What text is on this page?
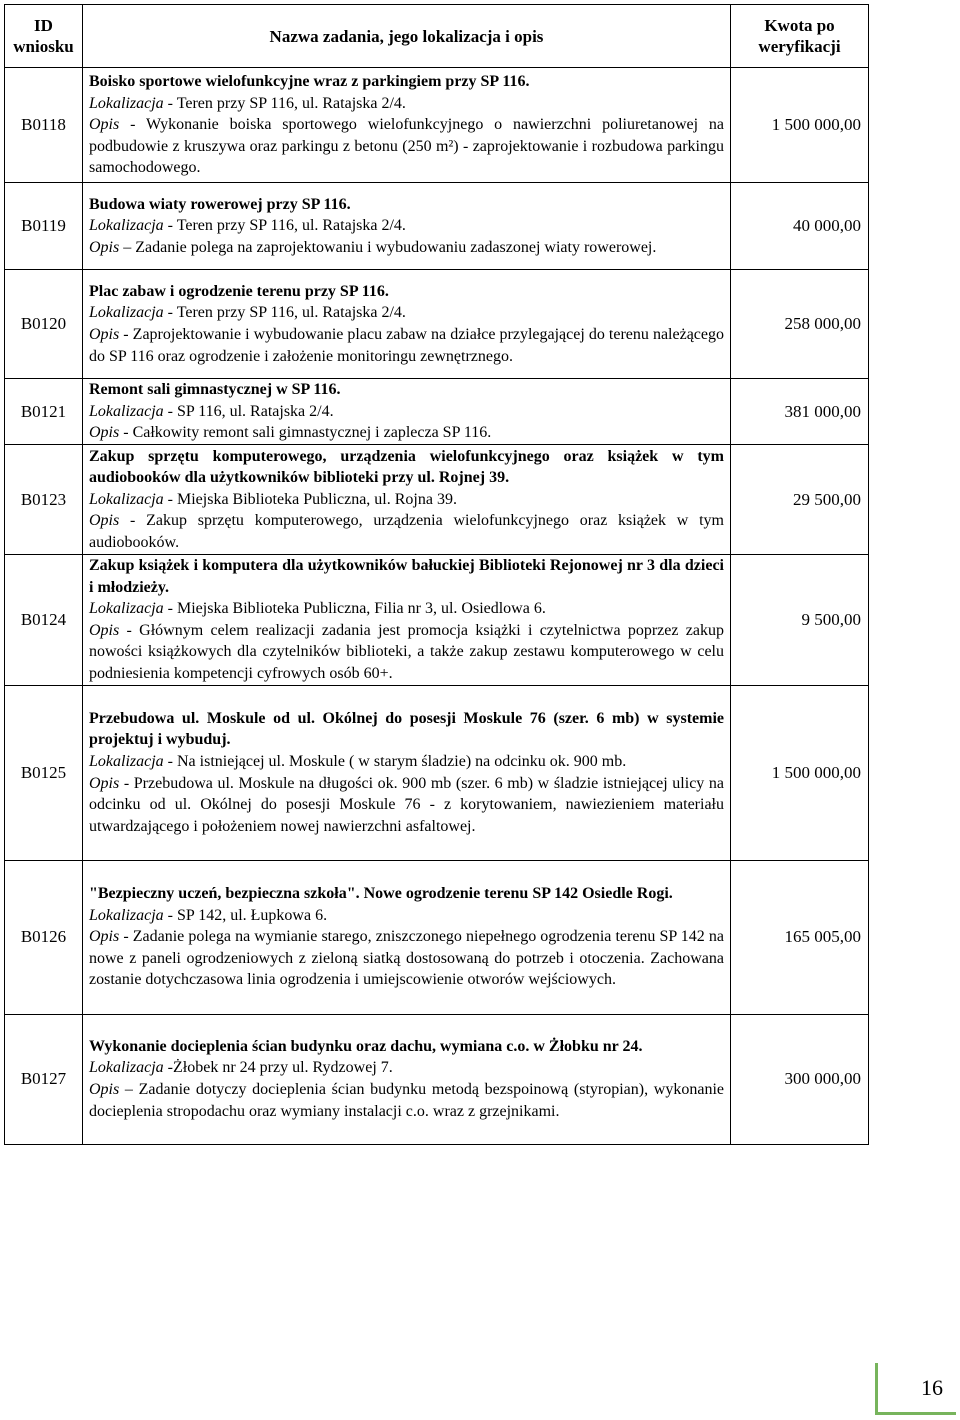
ID wniosku	Nazwa zadania, jego lokalizacja i opis	Kwota po weryfikacji
B0118	Boisko sportowe wielofunkcyjne wraz z parkingiem przy SP 116.
Lokalizacja - Teren przy SP 116, ul. Ratajska 2/4.
Opis - Wykonanie boiska sportowego wielofunkcyjnego o nawierzchni poliuretanowej na podbudowie z kruszywa oraz parkingu z betonu (250 m²) - zaprojektowanie i rozbudowa parkingu samochodowego.	1 500 000,00
B0119	Budowa wiaty rowerowej przy SP 116.
Lokalizacja - Teren przy SP 116, ul. Ratajska 2/4.
Opis – Zadanie polega na zaprojektowaniu i wybudowaniu zadaszonej wiaty rowerowej.	40 000,00
B0120	Plac zabaw i ogrodzenie terenu przy SP 116.
Lokalizacja - Teren przy SP 116, ul. Ratajska 2/4.
Opis - Zaprojektowanie i wybudowanie placu zabaw na działce przylegającej do terenu należącego do SP 116 oraz ogrodzenie i założenie monitoringu zewnętrznego.	258 000,00
B0121	Remont sali gimnastycznej w SP 116.
Lokalizacja - SP 116, ul. Ratajska 2/4.
Opis - Całkowity remont sali gimnastycznej i zaplecza SP 116.	381 000,00
B0123	Zakup sprzętu komputerowego, urządzenia wielofunkcyjnego oraz książek w tym audiobooków dla użytkowników biblioteki przy ul. Rojnej 39.
Lokalizacja - Miejska Biblioteka Publiczna, ul. Rojna 39.
Opis - Zakup sprzętu komputerowego, urządzenia wielofunkcyjnego oraz książek w tym audiobooków.	29 500,00
B0124	Zakup książek i komputera dla użytkowników bałuckiej Biblioteki Rejonowej nr 3 dla dzieci i młodzieży.
Lokalizacja - Miejska Biblioteka Publiczna, Filia nr 3, ul. Osiedlowa 6.
Opis - Głównym celem realizacji zadania jest promocja książki i czytelnictwa poprzez zakup nowości książkowych dla czytelników biblioteki, a także zakup zestawu komputerowego w celu podniesienia kompetencji cyfrowych osób 60+.	9 500,00
B0125	Przebudowa ul. Moskule od ul. Okólnej do posesji Moskule 76 (szer. 6 mb) w systemie projektuj i wybuduj.
Lokalizacja - Na istniejącej ul. Moskule ( w starym śladzie) na odcinku ok. 900 mb.
Opis - Przebudowa ul. Moskule na długości ok. 900 mb (szer. 6 mb) w śladzie istniejącej ulicy na odcinku od ul. Okólnej do posesji Moskule 76 - z korytowaniem, nawiezieniem materiału utwardzającego i położeniem nowej nawierzchni asfaltowej.	1 500 000,00
B0126	"Bezpieczny uczeń, bezpieczna szkoła". Nowe ogrodzenie terenu SP 142 Osiedle Rogi.
Lokalizacja - SP 142, ul. Łupkowa 6.
Opis - Zadanie polega na wymianie starego, zniszczonego niepełnego ogrodzenia terenu SP 142 na nowe z paneli ogrodzeniowych z zieloną siatką dostosowaną do potrzeb i otoczenia. Zachowana zostanie dotychczasowa linia ogrodzenia i umiejscowienie otworów wejściowych.	165 005,00
B0127	Wykonanie docieplenia ścian budynku oraz dachu, wymiana c.o. w Żłobku nr 24.
Lokalizacja -Żłobek nr 24 przy ul. Rydzowej 7.
Opis – Zadanie dotyczy docieplenia ścian budynku metodą bezspoinową (styropian), wykonanie docieplenia stropodachu oraz wymiany instalacji c.o. wraz z grzejnikami.	300 000,00
16
